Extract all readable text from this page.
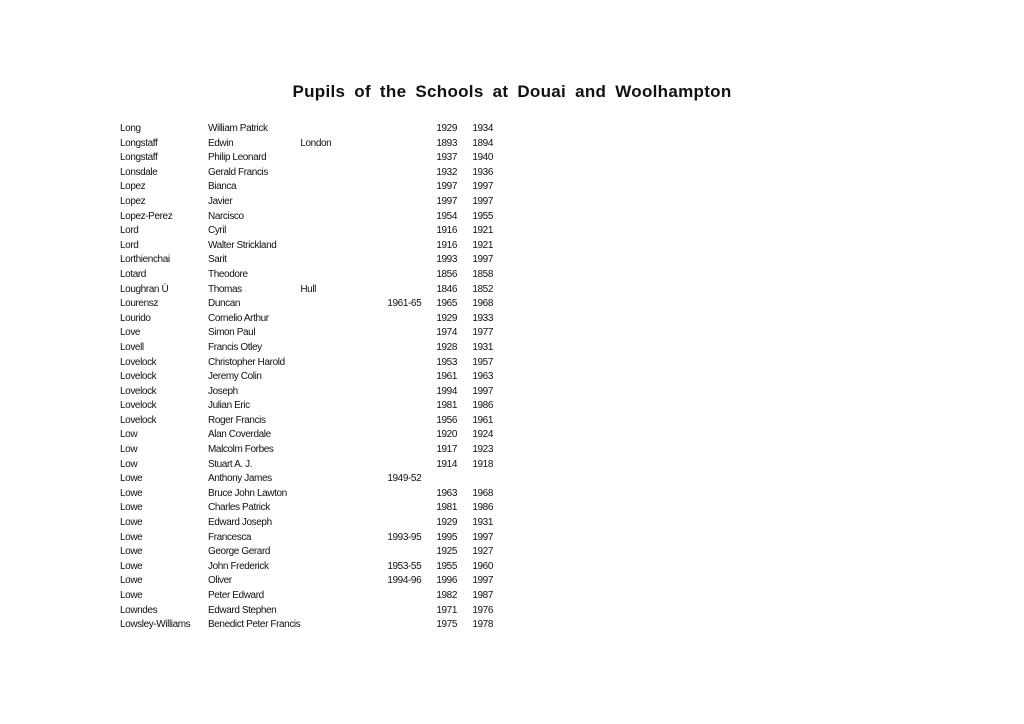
Pupils of the Schools at Douai and Woolhampton
Long	William Patrick			1929	1934
Longstaff	Edwin	London		1893	1894
Longstaff	Philip Leonard			1937	1940
Lonsdale	Gerald Francis			1932	1936
Lopez	Bianca			1997	1997
Lopez	Javier			1997	1997
Lopez-Perez	Narcisco			1954	1955
Lord	Cyril			1916	1921
Lord	Walter Strickland			1916	1921
Lorthienchai	Sarit			1993	1997
Lotard	Theodore			1856	1858
Loughran Ü	Thomas	Hull		1846	1852
Lourensz	Duncan		1961-65	1965	1968
Lourido	Cornelio Arthur			1929	1933
Love	Simon Paul			1974	1977
Lovell	Francis Otley			1928	1931
Lovelock	Christopher Harold			1953	1957
Lovelock	Jeremy Colin			1961	1963
Lovelock	Joseph			1994	1997
Lovelock	Julian Eric			1981	1986
Lovelock	Roger Francis			1956	1961
Low	Alan Coverdale			1920	1924
Low	Malcolm Forbes			1917	1923
Low	Stuart A. J.			1914	1918
Lowe	Anthony James		1949-52		
Lowe	Bruce John Lawton			1963	1968
Lowe	Charles Patrick			1981	1986
Lowe	Edward Joseph			1929	1931
Lowe	Francesca		1993-95	1995	1997
Lowe	George Gerard			1925	1927
Lowe	John Frederick		1953-55	1955	1960
Lowe	Oliver		1994-96	1996	1997
Lowe	Peter Edward			1982	1987
Lowndes	Edward Stephen			1971	1976
Lowsley-Williams	Benedict Peter Francis			1975	1978
